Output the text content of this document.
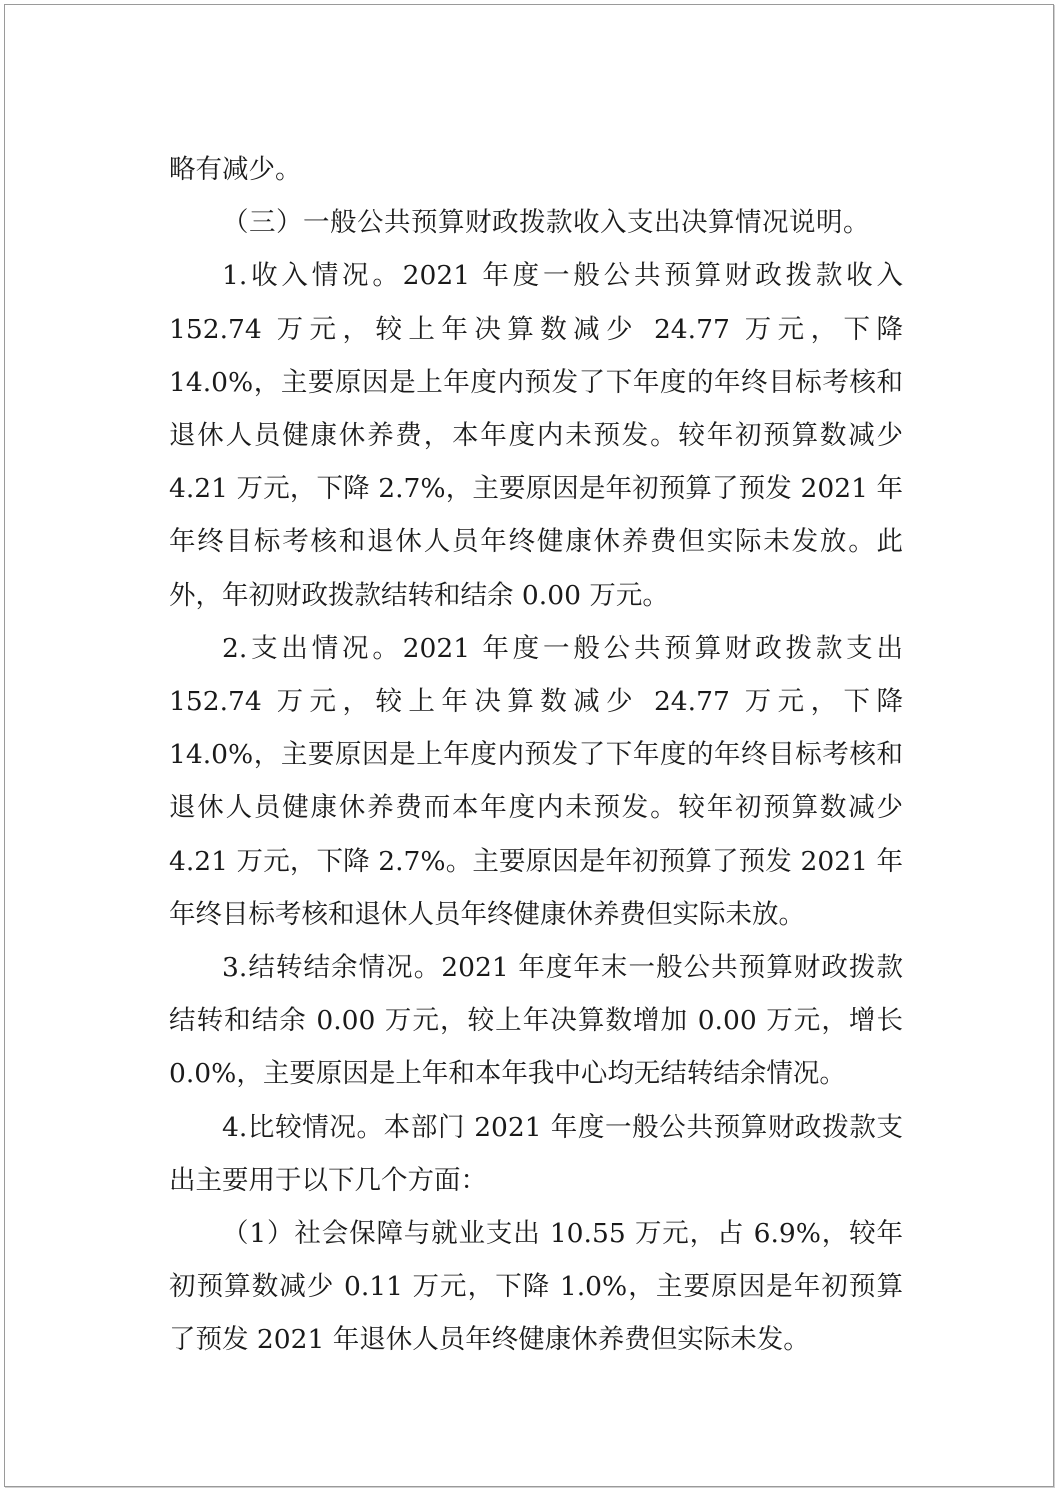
略有减少。

（三）一般公共预算财政拨款收入支出决算情况说明。

1.收入情况。2021 年度一般公共预算财政拨款收入152.74 万元，较上年决算数减少 24.77 万元，下降 14.0%，主要原因是上年度内预发了下年度的年终目标考核和退休人员健康休养费，本年度内未预发。较年初预算数减少 4.21 万元，下降 2.7%，主要原因是年初预算了预发 2021 年年终目标考核和退休人员年终健康休养费但实际未发放。此外，年初财政拨款结转和结余 0.00 万元。

2.支出情况。2021 年度一般公共预算财政拨款支出152.74 万元，较上年决算数减少 24.77 万元，下降 14.0%，主要原因是上年度内预发了下年度的年终目标考核和退休人员健康休养费而本年度内未预发。较年初预算数减少 4.21 万元，下降 2.7%。主要原因是年初预算了预发 2021 年年终目标考核和退休人员年终健康休养费但实际未放。

3.结转结余情况。2021 年度年末一般公共预算财政拨款结转和结余 0.00 万元，较上年决算数增加 0.00 万元，增长0.0%，主要原因是上年和本年我中心均无结转结余情况。

4.比较情况。本部门 2021 年度一般公共预算财政拨款支出主要用于以下几个方面：

（1）社会保障与就业支出 10.55 万元，占 6.9%，较年初预算数减少 0.11 万元，下降 1.0%，主要原因是年初预算了预发 2021 年退休人员年终健康休养费但实际未发。
